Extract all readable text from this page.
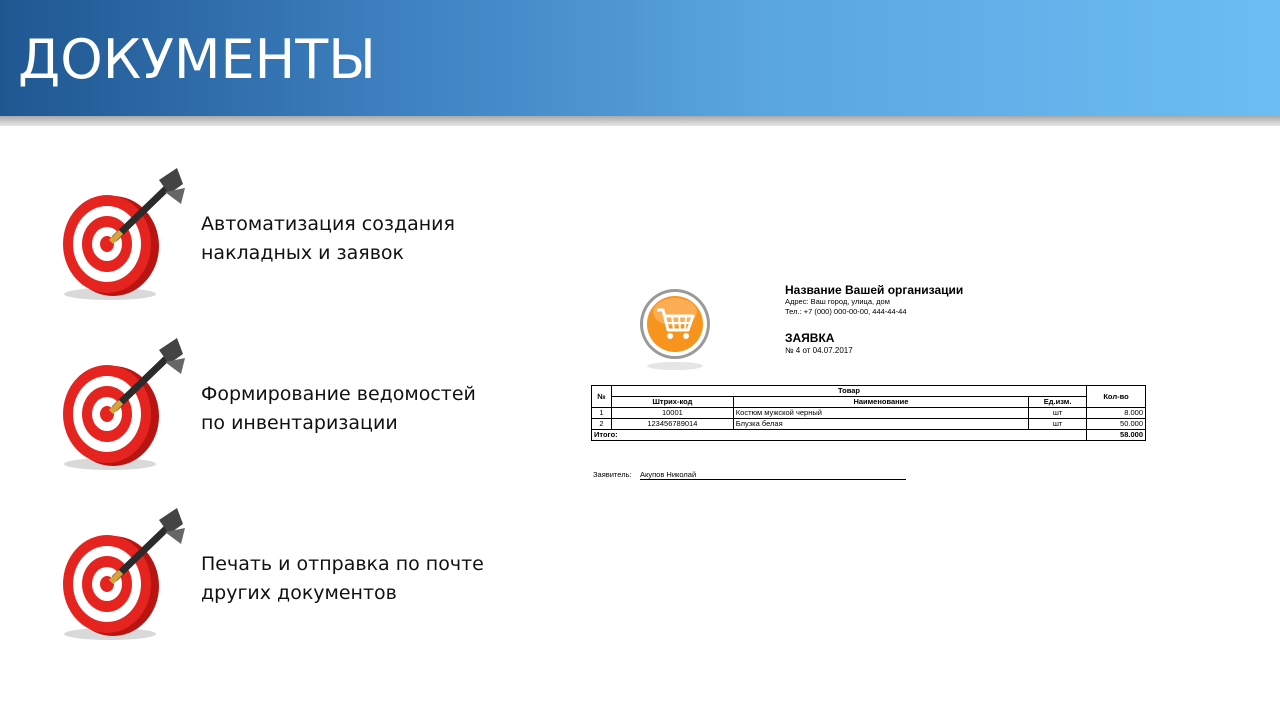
ДОКУМЕНТЫ
Автоматизация создания накладных и заявок
Формирование ведомостей по инвентаризации
Печать и отправка по почте других документов
Название Вашей организации
Адрес: Ваш город, улица, дом
Тел.: +7 (000) 000-00-00, 444-44-44
ЗАЯВКА
№ 4 от 04.07.2017
№	Товар			Кол-во
	Штрих-код	Наименование	Ед.изм.	
1	10001	Костюм мужской черный	шт	8.000
2	123456789014	Блузка белая	шт	50.000
Итого:				58.000
Заявитель: Акупов Николай
